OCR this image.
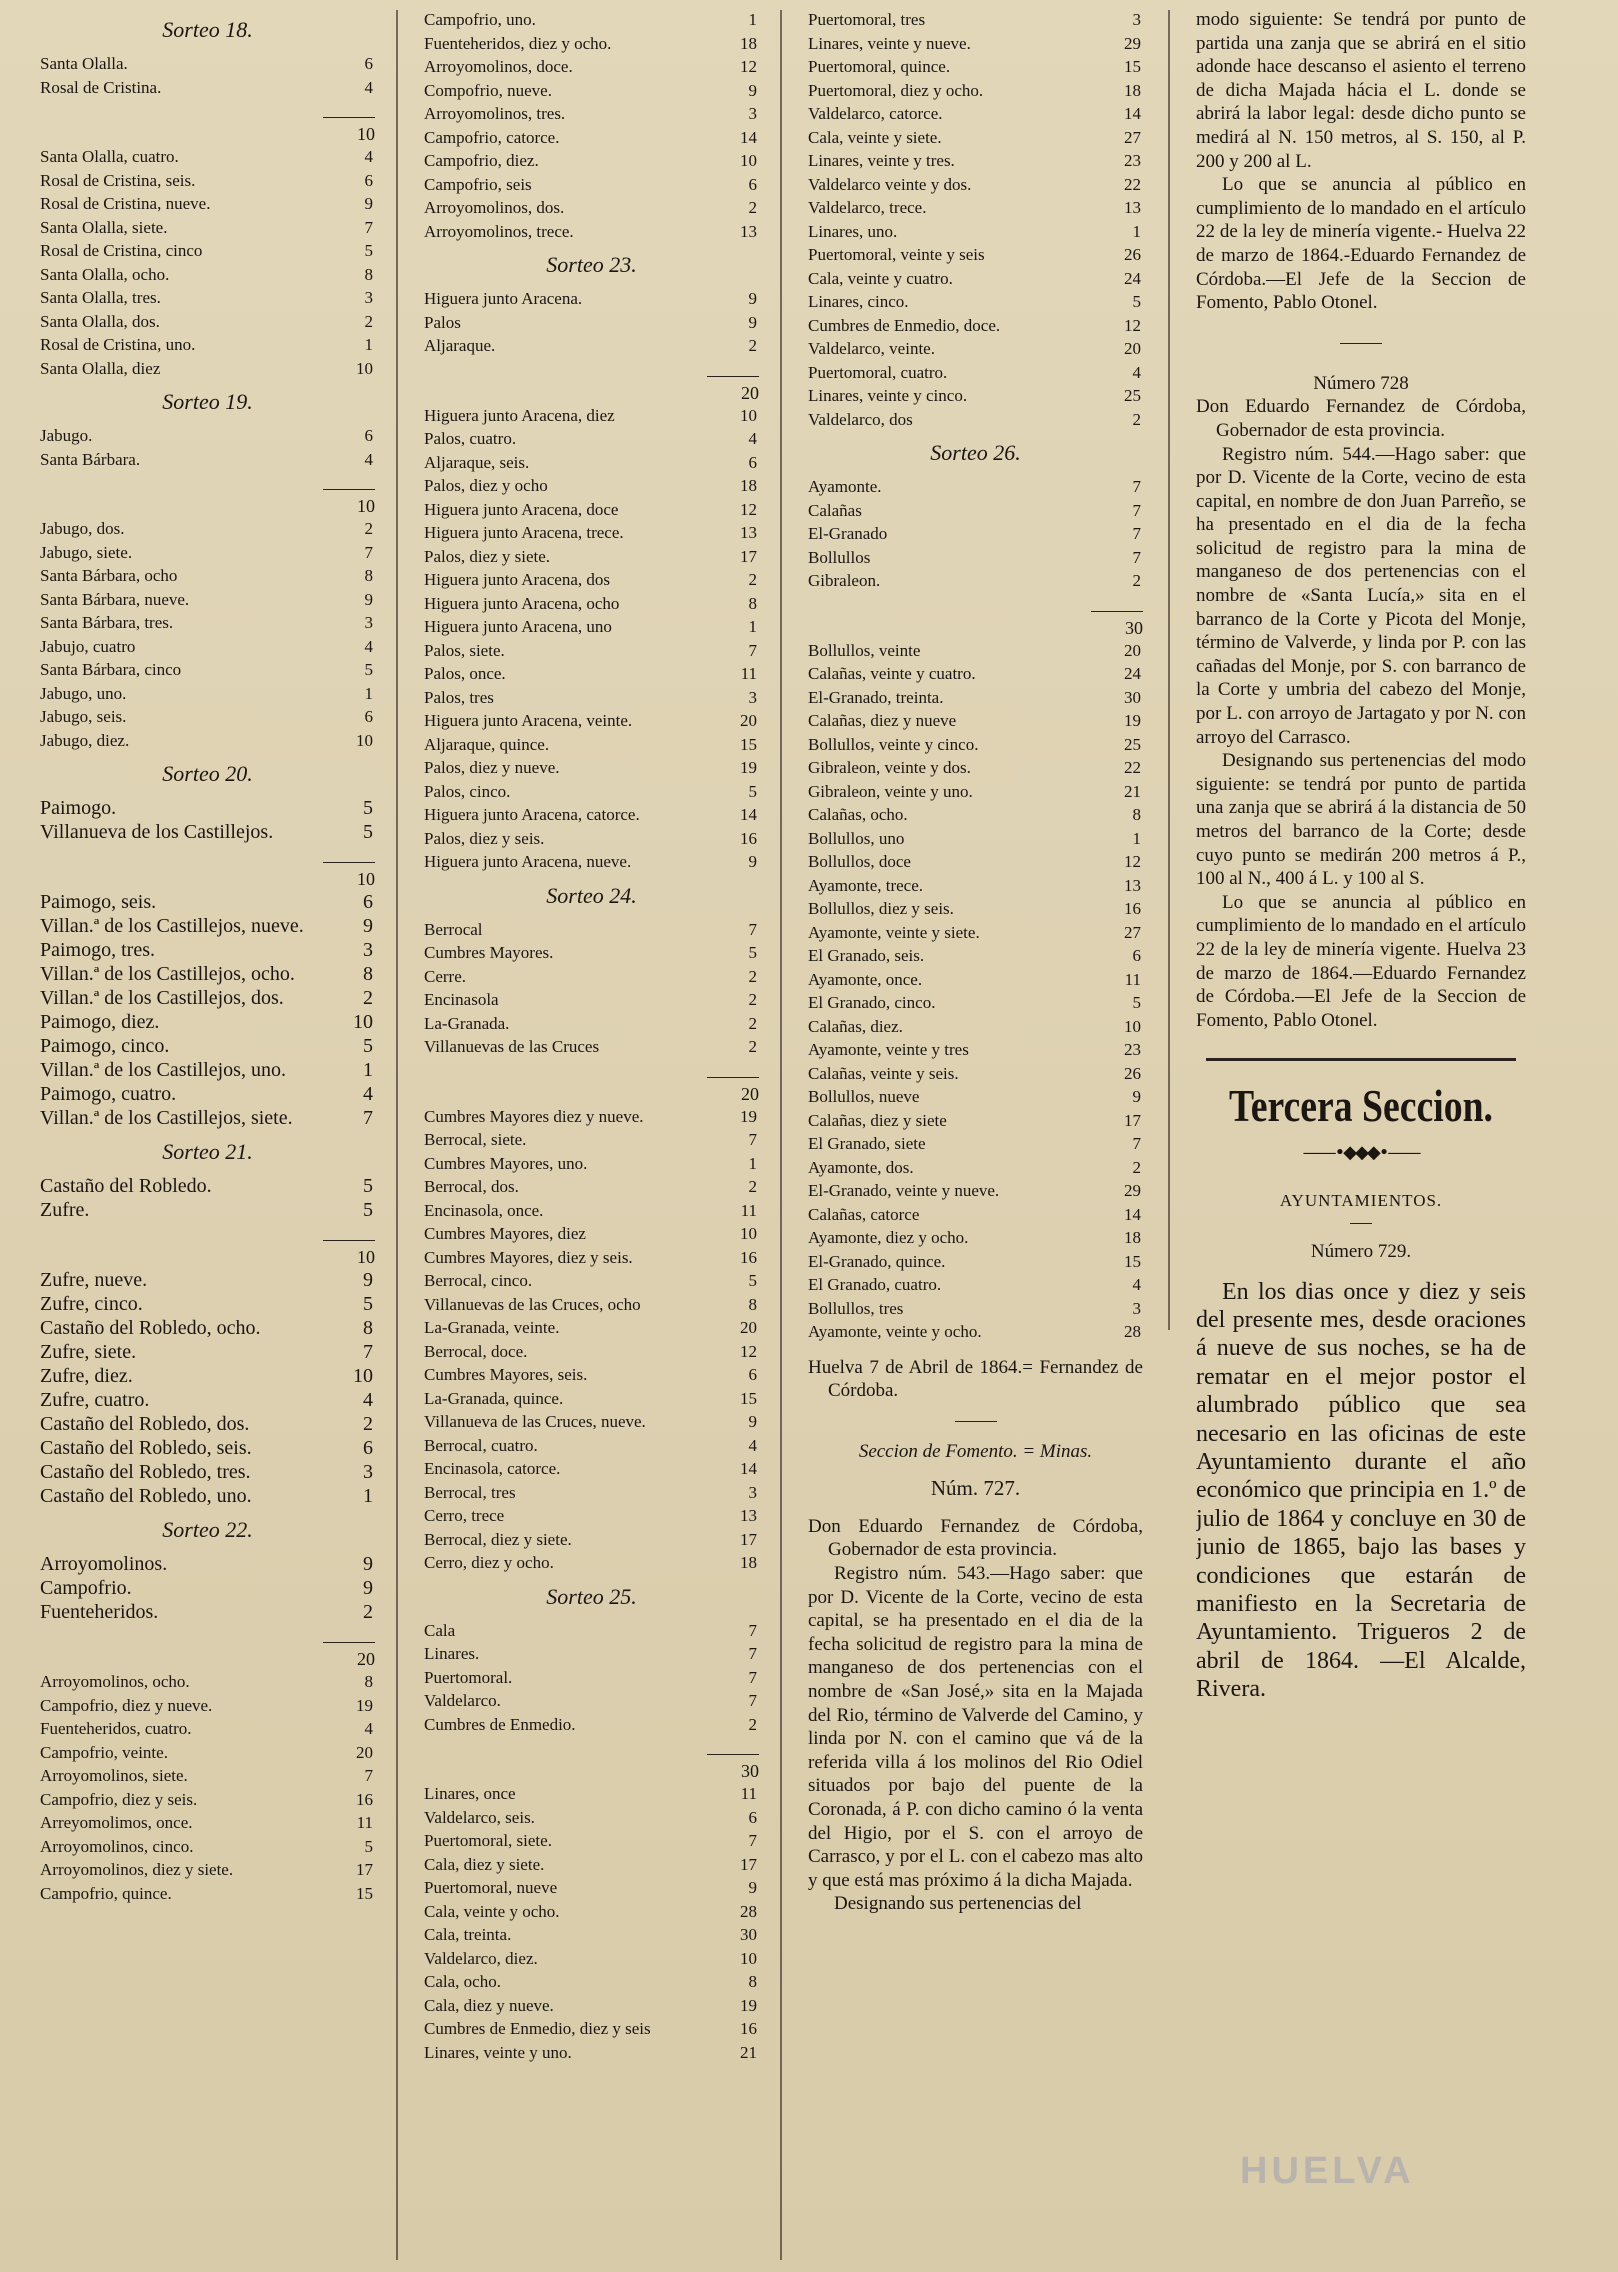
Sorteo 18.
Santa Olalla.	6
Rosal de Cristina.	4
10
Santa Olalla, cuatro.	4
Rosal de Cristina, seis.	6
Rosal de Cristina, nueve.	9
Santa Olalla, siete.	7
Rosal de Cristina, cinco	5
Santa Olalla, ocho.	8
Santa Olalla, tres.	3
Santa Olalla, dos.	2
Rosal de Cristina, uno.	1
Santa Olalla, diez	10
Sorteo 19.
Jabugo.	6
Santa Bárbara.	4
10
Jabugo, dos.	2
Jabugo, siete.	7
Santa Bárbara, ocho	8
Santa Bárbara, nueve.	9
Santa Bárbara, tres.	3
Jabujo, cuatro	4
Santa Bárbara, cinco	5
Jabugo, uno.	1
Jabugo, seis.	6
Jabugo, diez.	10
Sorteo 20.
Paimogo.	5
Villanueva de los Castillejos.	5
10
Paimogo, seis.	6
Villan.ª de los Castillejos, nueve.	9
Paimogo, tres.	3
Villan.ª de los Castillejos, ocho.	8
Villan.ª de los Castillejos, dos.	2
Paimogo, diez.	10
Paimogo, cinco.	5
Villan.ª de los Castillejos, uno.	1
Paimogo, cuatro.	4
Villan.ª de los Castillejos, siete.	7
Sorteo 21.
Castaño del Robledo.	5
Zufre.	5
10
Zufre, nueve.	9
Zufre, cinco.	5
Castaño del Robledo, ocho.	8
Zufre, siete.	7
Zufre, diez.	10
Zufre, cuatro.	4
Castaño del Robledo, dos.	2
Castaño del Robledo, seis.	6
Castaño del Robledo, tres.	3
Castaño del Robledo, uno.	1
Sorteo 22.
Arroyomolinos.	9
Campofrio.	9
Fuenteheridos.	2
20
Arroyomolinos, ocho.	8
Campofrio, diez y nueve.	19
Fuenteheridos, cuatro.	4
Campofrio, veinte.	20
Arroyomolinos, siete.	7
Campofrio, diez y seis.	16
Arreyomolimos, once.	11
Arroyomolinos, cinco.	5
Arroyomolinos, diez y siete.	17
Campofrio, quince.	15
Campofrio, uno.	1
Fuenteheridos, diez y ocho.	18
Arroyomolinos, doce.	12
Compofrio, nueve.	9
Arroyomolinos, tres.	3
Campofrio, catorce.	14
Campofrio, diez.	10
Campofrio, seis	6
Arroyomolinos, dos.	2
Arroyomolinos, trece.	13
Sorteo 23.
Higuera junto Aracena.	9
Palos	9
Aljaraque.	2
20
Higuera junto Aracena, diez	10
Palos, cuatro.	4
Aljaraque, seis.	6
Palos, diez y ocho	18
Higuera junto Aracena, doce	12
Higuera junto Aracena, trece.	13
Palos, diez y siete.	17
Higuera junto Aracena, dos	2
Higuera junto Aracena, ocho	8
Higuera junto Aracena, uno	1
Palos, siete.	7
Palos, once.	11
Palos, tres	3
Higuera junto Aracena, veinte.	20
Aljaraque, quince.	15
Palos, diez y nueve.	19
Palos, cinco.	5
Higuera junto Aracena, catorce.	14
Palos, diez y seis.	16
Higuera junto Aracena, nueve.	9
Sorteo 24.
Berrocal	7
Cumbres Mayores.	5
Cerre.	2
Encinasola	2
La-Granada.	2
Villanuevas de las Cruces	2
20
Cumbres Mayores diez y nueve.	19
Berrocal, siete.	7
Cumbres Mayores, uno.	1
Berrocal, dos.	2
Encinasola, once.	11
Cumbres Mayores, diez	10
Cumbres Mayores, diez y seis.	16
Berrocal, cinco.	5
Villanuevas de las Cruces, ocho	8
La-Granada, veinte.	20
Berrocal, doce.	12
Cumbres Mayores, seis.	6
La-Granada, quince.	15
Villanueva de las Cruces, nueve.	9
Berrocal, cuatro.	4
Encinasola, catorce.	14
Berrocal, tres	3
Cerro, trece	13
Berrocal, diez y siete.	17
Cerro, diez y ocho.	18
Sorteo 25.
Cala	7
Linares.	7
Puertomoral.	7
Valdelarco.	7
Cumbres de Enmedio.	2
30
Linares, once	11
Valdelarco, seis.	6
Puertomoral, siete.	7
Cala, diez y siete.	17
Puertomoral, nueve	9
Cala, veinte y ocho.	28
Cala, treinta.	30
Valdelarco, diez.	10
Cala, ocho.	8
Cala, diez y nueve.	19
Cumbres de Enmedio, diez y seis	16
Linares, veinte y uno.	21
Puertomoral, tres	3
Linares, veinte y nueve.	29
Puertomoral, quince.	15
Puertomoral, diez y ocho.	18
Valdelarco, catorce.	14
Cala, veinte y siete.	27
Linares, veinte y tres.	23
Valdelarco veinte y dos.	22
Valdelarco, trece.	13
Linares, uno.	1
Puertomoral, veinte y seis	26
Cala, veinte y cuatro.	24
Linares, cinco.	5
Cumbres de Enmedio, doce.	12
Valdelarco, veinte.	20
Puertomoral, cuatro.	4
Linares, veinte y cinco.	25
Valdelarco, dos	2
Sorteo 26.
Ayamonte.	7
Calañas	7
El-Granado	7
Bollullos	7
Gibraleon.	2
30
Bollullos, veinte	20
Calañas, veinte y cuatro.	24
El-Granado, treinta.	30
Calañas, diez y nueve	19
Bollullos, veinte y cinco.	25
Gibraleon, veinte y dos.	22
Gibraleon, veinte y uno.	21
Calañas, ocho.	8
Bollullos, uno	1
Bollullos, doce	12
Ayamonte, trece.	13
Bollullos, diez y seis.	16
Ayamonte, veinte y siete.	27
El Granado, seis.	6
Ayamonte, once.	11
El Granado, cinco.	5
Calañas, diez.	10
Ayamonte, veinte y tres	23
Calañas, veinte y seis.	26
Bollullos, nueve	9
Calañas, diez y siete	17
El Granado, siete	7
Ayamonte, dos.	2
El-Granado, veinte y nueve.	29
Calañas, catorce	14
Ayamonte, diez y ocho.	18
El-Granado, quince.	15
El Granado, cuatro.	4
Bollullos, tres	3
Ayamonte, veinte y ocho.	28

Huelva 7 de Abril de 1864.= Fernandez de Córdoba.

Seccion de Fomento. = Minas.

Núm. 727.

Don Eduardo Fernandez de Córdoba, Gobernador de esta provincia.

Registro núm. 543.—Hago saber: que por D. Vicente de la Corte, vecino de esta capital, se ha presentado en el dia de la fecha solicitud de registro para la mina de manganeso de dos pertenencias con el nombre de «San José,» sita en la Majada del Rio, término de Valverde del Camino, y linda por N. con el camino que vá de la referida villa á los molinos del Rio Odiel situados por bajo del puente de la Coronada, á P. con dicho camino ó la venta del Higio, por el S. con el arroyo de Carrasco, y por el L. con el cabezo mas alto y que está mas próximo á la dicha Majada.

Designando sus pertenencias del

modo siguiente: Se tendrá por punto de partida una zanja que se abrirá en el sitio adonde hace descanso el asiento el terreno de dicha Majada hácia el L. donde se abrirá la labor legal: desde dicho punto se medirá al N. 150 metros, al S. 150, al P. 200 y 200 al L.

Lo que se anuncia al público en cumplimiento de lo mandado en el artículo 22 de la ley de minería vigente.- Huelva 22 de marzo de 1864.-Eduardo Fernandez de Córdoba.—El Jefe de la Seccion de Fomento, Pablo Otonel.

Número 728

Don Eduardo Fernandez de Córdoba, Gobernador de esta provincia.

Registro núm. 544.—Hago saber: que por D. Vicente de la Corte, vecino de esta capital, en nombre de don Juan Parreño, se ha presentado en el dia de la fecha solicitud de registro para la mina de manganeso de dos pertenencias con el nombre de «Santa Lucía,» sita en el barranco de la Corte y Picota del Monje, término de Valverde, y linda por P. con las cañadas del Monje, por S. con barranco de la Corte y umbria del cabezo del Monje, por L. con arroyo de Jartagato y por N. con arroyo del Carrasco.

Designando sus pertenencias del modo siguiente: se tendrá por punto de partida una zanja que se abrirá á la distancia de 50 metros del barranco de la Corte; desde cuyo punto se medirán 200 metros á P., 100 al N., 400 á L. y 100 al S.

Lo que se anuncia al público en cumplimiento de lo mandado en el artículo 22 de la ley de minería vigente. Huelva 23 de marzo de 1864.—Eduardo Fernandez de Córdoba.—El Jefe de la Seccion de Fomento, Pablo Otonel.

Tercera Seccion.
——•◆◆◆•——

AYUNTAMIENTOS.

Número 729.

En los dias once y diez y seis del presente mes, desde oraciones á nueve de sus noches, se ha de rematar en el mejor postor el alumbrado público que sea necesario en las oficinas de este Ayuntamiento durante el año económico que principia en 1.º de julio de 1864 y concluye en 30 de junio de 1865, bajo las bases y condiciones que estarán de manifiesto en la Secretaria de Ayuntamiento. Trigueros 2 de abril de 1864. —El Alcalde, Rivera.

HUELVA
